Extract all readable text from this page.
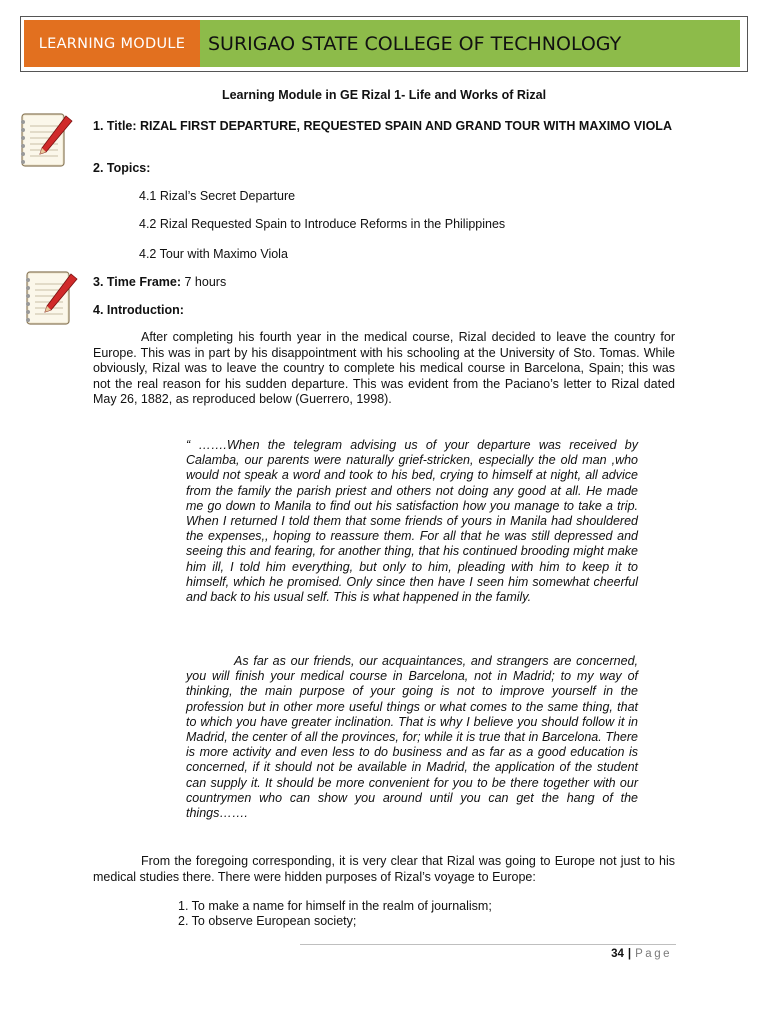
LEARNING MODULE	SURIGAO STATE COLLEGE OF TECHNOLOGY
Learning Module in GE Rizal 1- Life and Works of Rizal
1. Title: RIZAL FIRST DEPARTURE, REQUESTED SPAIN AND GRAND TOUR WITH MAXIMO VIOLA
2. Topics:
4.1 Rizal’s Secret Departure
4.2 Rizal Requested Spain to Introduce Reforms in the Philippines
4.2 Tour with Maximo Viola
3. Time Frame: 7 hours
4. Introduction:
After completing his fourth year in the medical course, Rizal decided to leave the country for Europe. This was in part by his disappointment with his schooling at the University of Sto. Tomas. While obviously, Rizal was to leave the country to complete his medical course in Barcelona, Spain; this was not the real reason for his sudden departure. This was evident from the Paciano’s letter to Rizal dated May 26, 1882, as reproduced below (Guerrero, 1998).
“ …….When the telegram advising us of your departure was received by Calamba, our parents were naturally grief-stricken, especially the old man ,who would not speak a word and took to his bed, crying to himself at night, all advice from the family the parish priest and others not doing any good at all. He made me go down to Manila to find out his satisfaction how you manage to take a trip. When I returned I told them that some friends of yours in Manila had shouldered the expenses,, hoping to reassure them. For all that he was still depressed and seeing this and fearing, for another thing, that his continued brooding might make him ill, I told him everything, but only to him, pleading with him to keep it to himself, which he promised. Only since then have I seen him somewhat cheerful and back to his usual self. This is what happened in the family.
As far as our friends, our acquaintances, and strangers are concerned, you will finish your medical course in Barcelona, not in Madrid; to my way of thinking, the main purpose of your going is not to improve yourself in the profession but in other more useful things or what comes to the same thing, that to which you have greater inclination. That is why I believe you should follow it in Madrid, the center of all the provinces, for; while it is true that in Barcelona. There is more activity and even less to do business and as far as a good education is concerned, if it should not be available in Madrid, the application of the student can supply it. It should be more convenient for you to be there together with our countrymen who can show you around until you can get the hang of the things…….
From the foregoing corresponding, it is very clear that Rizal was going to Europe not just to his medical studies there. There were hidden purposes of Rizal’s voyage to Europe:
1. To make a name for himself in the realm of journalism;
2. To observe European society;
34 | Page
